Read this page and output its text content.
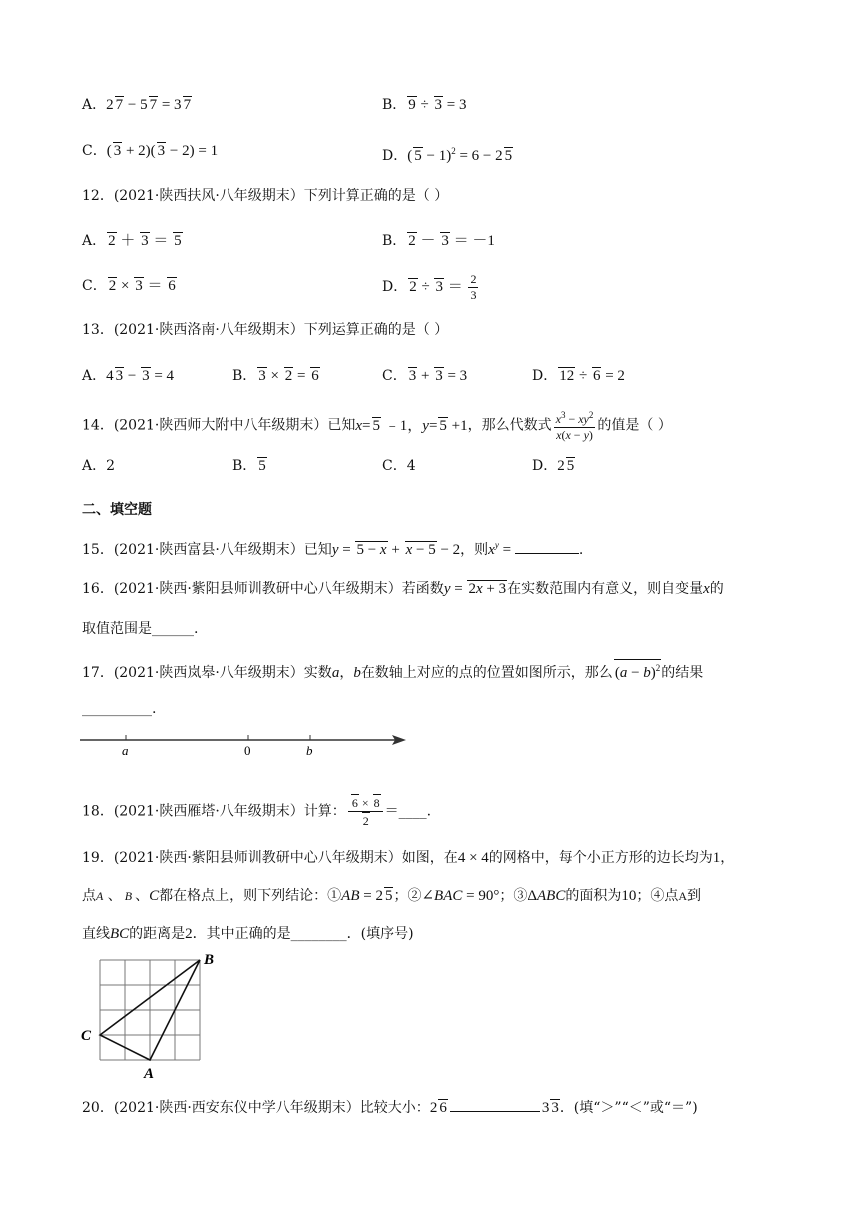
A．2 7 − 5 7 = 3 7	B． 9 ÷ 3 = 3
C．( 3 + 2)( 3 − 2) = 1	D．( 5 − 1)$^2$ = 6 − 2 5
12．(2021·陕西扶风·八年级期末）下列计算正确的是（ ）
A． 2 ＋ 3 ＝ 5	B． 2 － 3 ＝ －1
C． 2 × 3 ＝ 6	D． $2 \div 3 = \frac{2}{3}$
13．(2021·陕西洛南·八年级期末）下列运算正确的是（ ）
A．4 3 − 3 = 4	B． 3 × 2 = 6	C． 3 + 3 = 3	D． 12 ÷ 6 = 2
14．(2021·陕西师大附中八年级期末）已知x= 5 ﹣1，y= 5 +1，那么代数式 $\frac{x^3 - xy^2}{x(x - y)}$ 的值是（ ）
A．2	B． 5	C．4	D．2 5
二、填空题
15．(2021·陕西富县·八年级期末）已知y = 5 − x + x − 5 − 2，则$x^y$ =	.
16．(2021·陕西·紫阳县师训教研中心八年级期末）若函数y = 2x + 3在实数范围内有意义，则自变量x的
取值范围是______.
17．(2021·陕西岚皋·八年级期末）实数a，b在数轴上对应的点的位置如图所示，那么 $(a - b)^2$的结果
__________.
a	0	b
18．(2021·陕西雁塔·八年级期末）计算： $\frac{6 \times 8}{2}$ ＝____.
19．(2021·陕西·紫阳县师训教研中心八年级期末）如图，在4 × 4的网格中，每个小正方形的边长均为1，
点A 、 B 、C都在格点上，则下列结论：①AB = 2 5；②∠BAC = 90°；③ΔABC的面积为10；④点A到
直线BC的距离是2．其中正确的是________．(填序号)
B
C
A
20．(2021·陕西·西安东仪中学八年级期末）比较大小：2 6	3 3．(填“＞”“＜”或“＝”)
